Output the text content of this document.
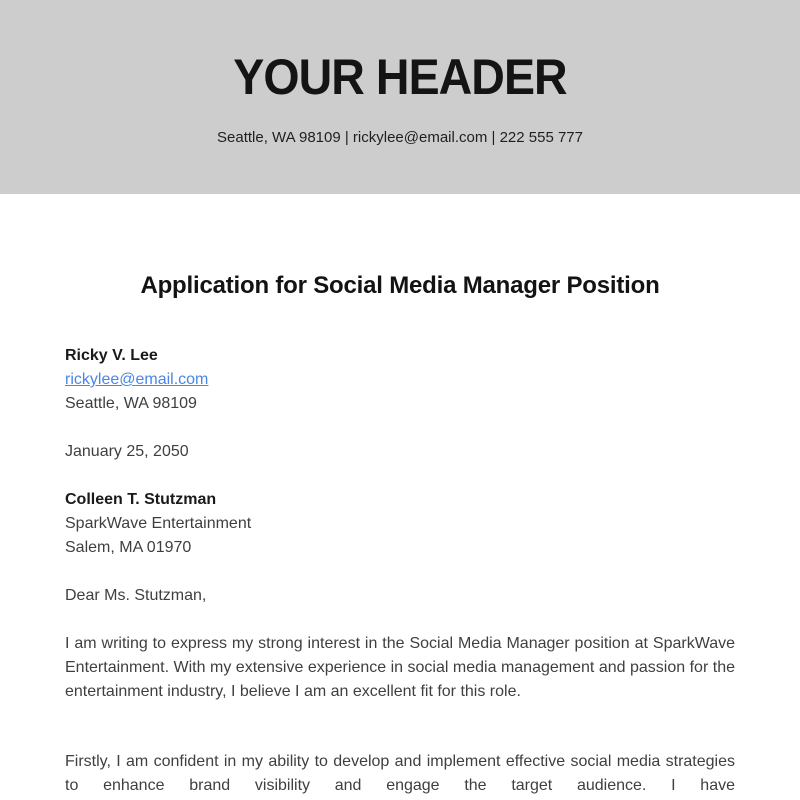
YOUR HEADER

Seattle, WA 98109 | rickylee@email.com | 222 555 777

Application for Social Media Manager Position

Ricky V. Lee

rickylee@email.com

Seattle, WA 98109

January 25, 2050

Colleen T. Stutzman

SparkWave Entertainment

Salem, MA 01970

Dear Ms. Stutzman,

I am writing to express my strong interest in the Social Media Manager position at SparkWave Entertainment. With my extensive experience in social media management and passion for the entertainment industry, I believe I am an excellent fit for this role.

Firstly, I am confident in my ability to develop and implement effective social media strategies to enhance brand visibility and engage the target audience. I have
